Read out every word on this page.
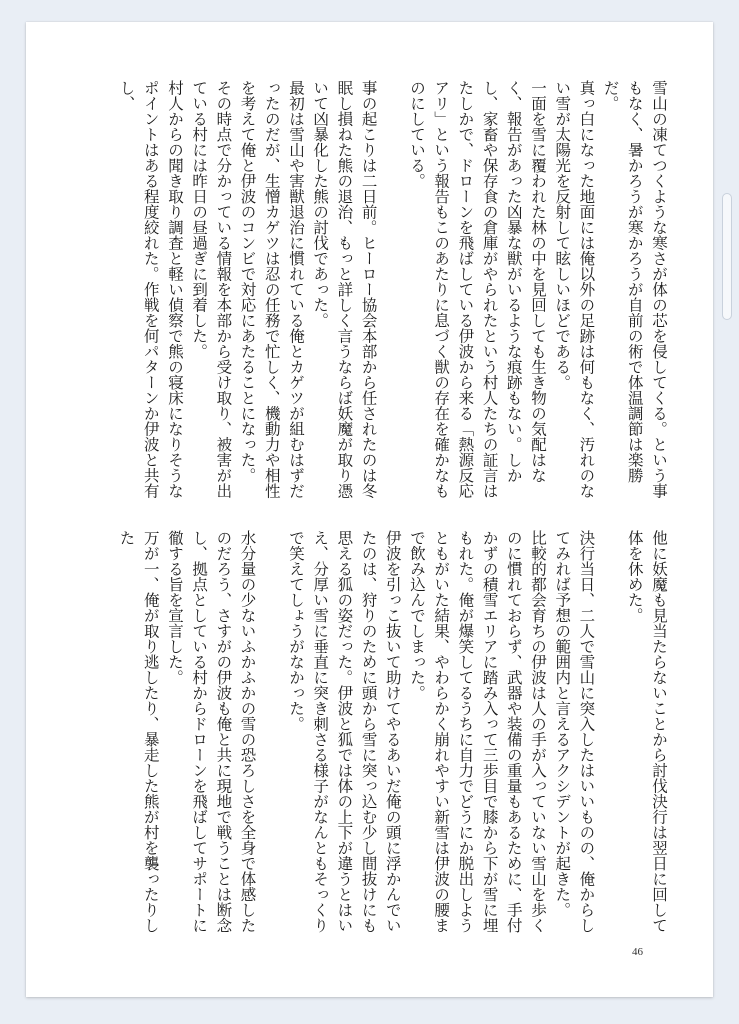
雪山の凍てつくような寒さが体の芯を侵してくる。という事もなく、暑かろうが寒かろうが自前の術で体温調節は楽勝だ。
真っ白になった地面には俺以外の足跡は何もなく、汚れのない雪が太陽光を反射して眩しいほどである。

一面を雪に覆われた林の中を見回しても生き物の気配はなく、報告があった凶暴な獣がいるような痕跡もない。しかし、家畜や保存食の倉庫がやられたという村人たちの証言はたしかで、ドローンを飛ばしている伊波から来る「熱源反応アリ」という報告もこのあたりに息づく獣の存在を確かなものにしている。

事の起こりは二日前。ヒーロー協会本部から任されたのは冬眠し損ねた熊の退治、もっと詳しく言うならば妖魔が取り憑いて凶暴化した熊の討伐であった。

最初は雪山や害獣退治に慣れている俺とカゲツが組むはずだったのだが、生憎カゲツは忍の任務で忙しく、機動力や相性を考えて俺と伊波のコンビで対応にあたることになった。

その時点で分かっている情報を本部から受け取り、被害が出ている村には昨日の昼過ぎに到着した。

村人からの聞き取り調査と軽い偵察で熊の寝床になりそうなポイントはある程度絞れた。作戦を何パターンか伊波と共有し、

他に妖魔も見当たらないことから討伐決行は翌日に回して体を休めた。

決行当日、二人で雪山に突入したはいいものの、俺からしてみれば予想の範囲内と言えるアクシデントが起きた。

比較的都会育ちの伊波は人の手が入っていない雪山を歩くのに慣れておらず、武器や装備の重量もあるために、手付かずの積雪エリアに踏み入って三歩目で膝から下が雪に埋もれた。俺が爆笑してるうちに自力でどうにか脱出しようともがいた結果、やわらかく崩れやすい新雪は伊波の腰まで飲み込んでしまった。

伊波を引っこ抜いて助けてやるあいだ俺の頭に浮かんでいたのは、狩りのために頭から雪に突っ込む少し間抜けにも思える狐の姿だった。伊波と狐では体の上下が違うとはいえ、分厚い雪に垂直に突き刺さる様子がなんともそっくりで笑えてしょうがなかった。

水分量の少ないふかふかの雪の恐ろしさを全身で体感したのだろう、さすがの伊波も俺と共に現地で戦うことは断念し、拠点としている村からドローンを飛ばしてサポートに徹する旨を宣言した。

万が一、俺が取り逃したり、暴走した熊が村を襲ったりした

46
